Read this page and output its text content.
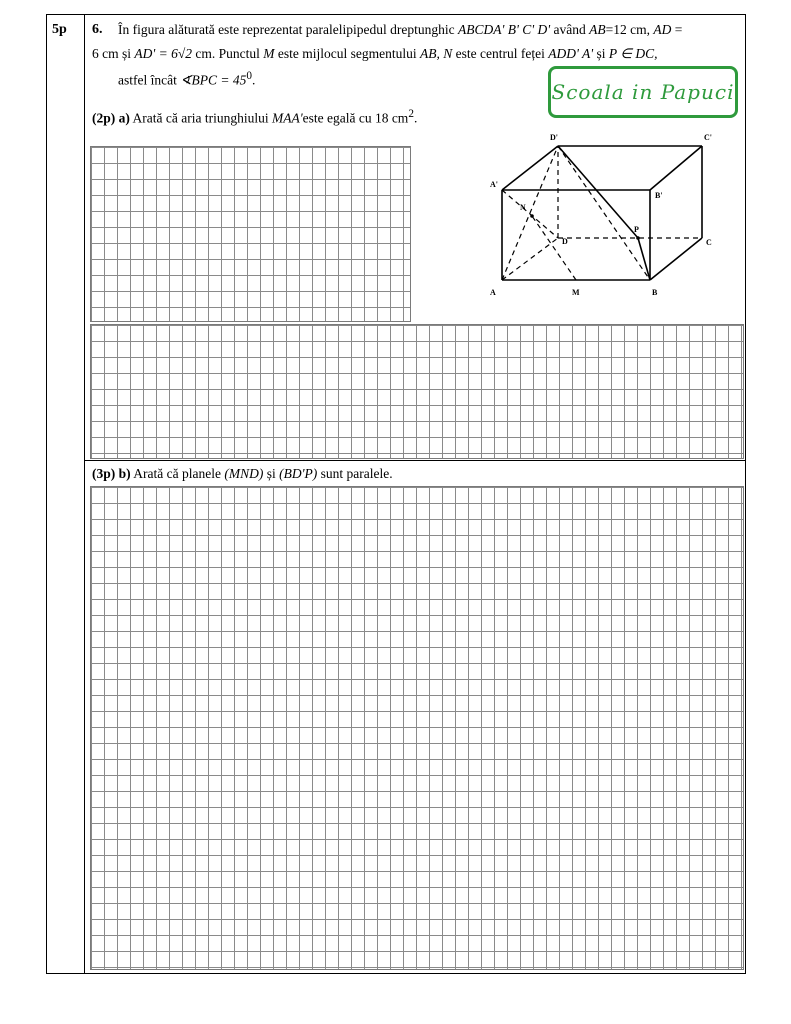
5p 6. În figura alăturată este reprezentat paralelipipedul dreptunghic ABCDA' B' C' D' având AB=12 cm, AD =
6 cm și AD' = 6√2 cm. Punctul M este mijlocul segmentului AB, N este centrul feței ADD' A' și P ∈ DC,
astfel încât ∢BPC = $45^0$.	Scoala in Papuci
(2p) a) Arată că aria triunghiului MAA'este egală cu 18 $cm^2$.
A	M	B
C
D
A'
B'
C'
D'
N
P
(3p) b) Arată că planele (MND) și (BD'P) sunt paralele.
